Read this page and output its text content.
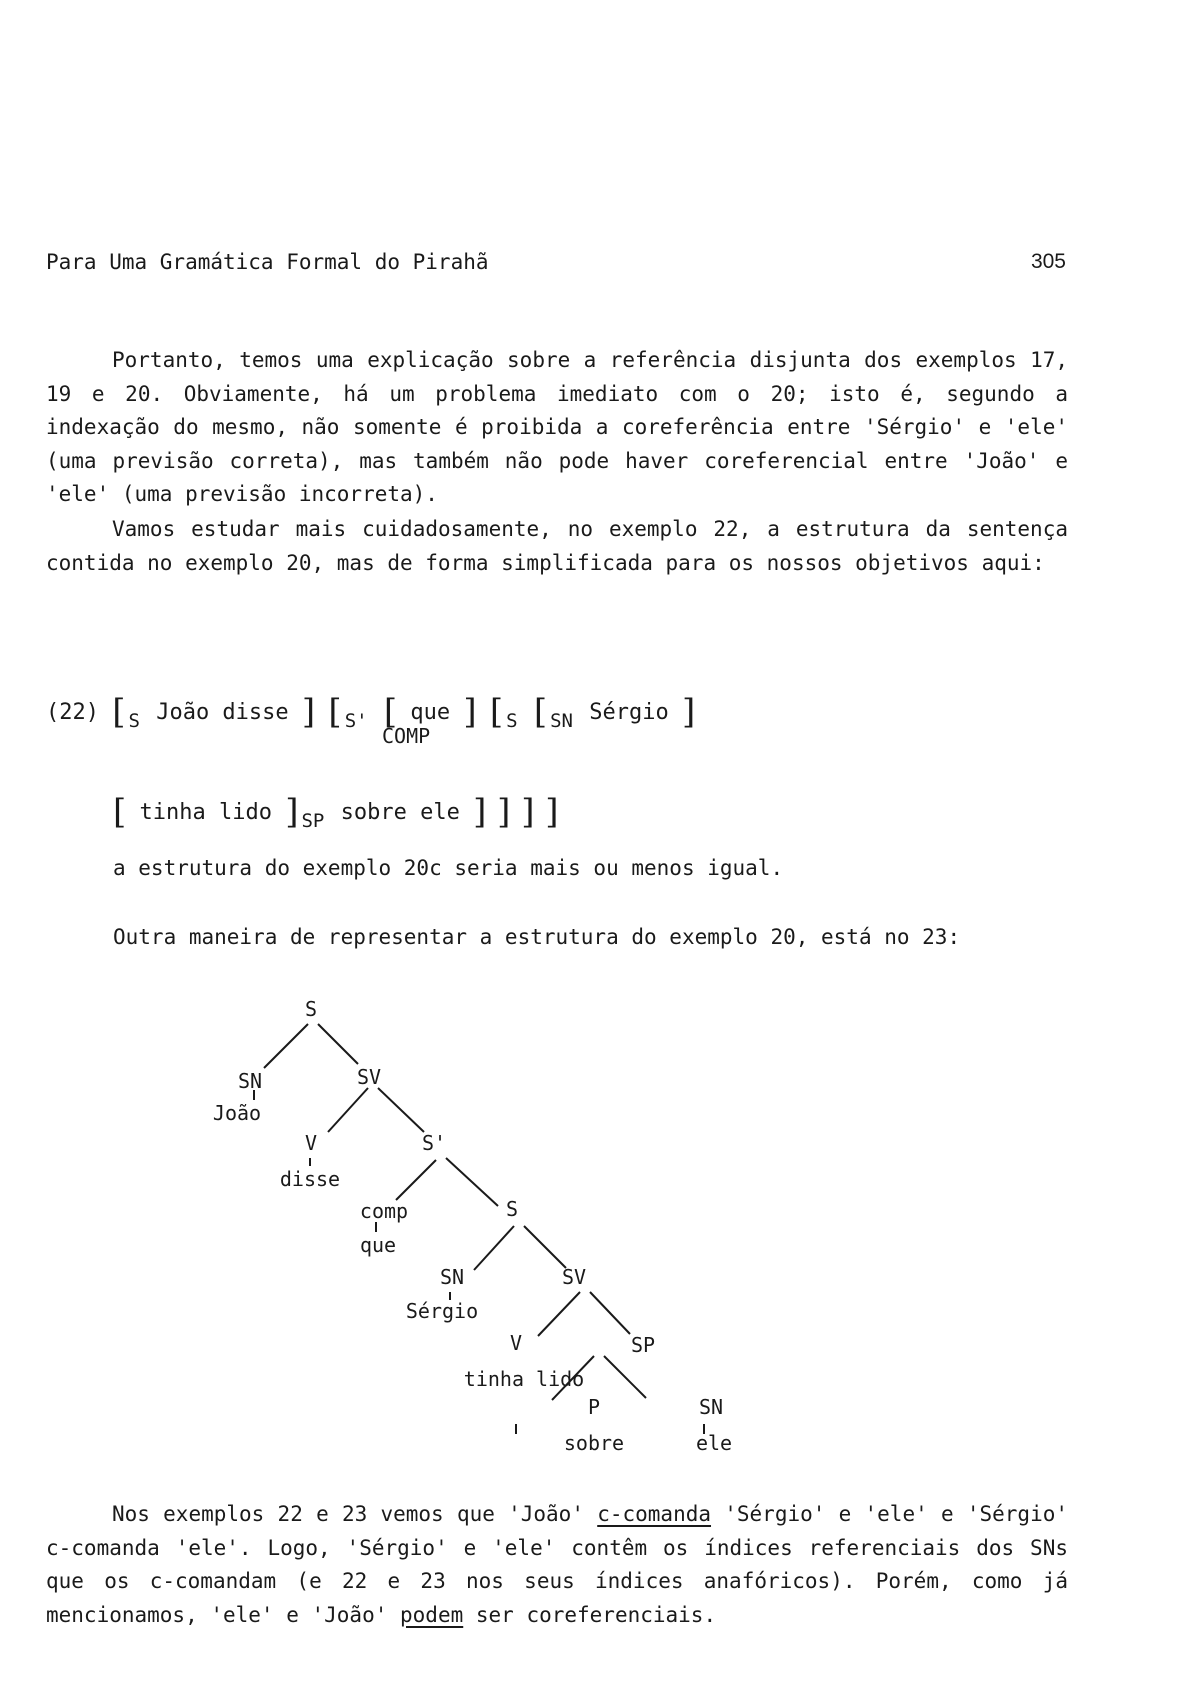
Para Uma Gramática Formal do Pirahã	305

Portanto, temos uma explicação sobre a referência disjunta dos exemplos 17, 19 e 20. Obviamente, há um problema imediato com o 20; isto é, segundo a indexação do mesmo, não somente é proibida a coreferência entre 'Sérgio' e 'ele' (uma previsão correta), mas também não pode haver coreferencial entre 'João' e 'ele' (uma previsão incorreta).

Vamos estudar mais cuidadosamente, no exemplo 22, a estrutura da sentença contida no exemplo 20, mas de forma simplificada para os nossos objetivos aqui:

(22) [ S João disse ] [ S' [ que ] [ S [ SN Sérgio ]
COMP
[ tinha lido ] SP sobre ele ] ] ] ]
a estrutura do exemplo 20c seria mais ou menos igual.
Outra maneira de representar a estrutura do exemplo 20, está no 23:
S
SN
João
SV
V
disse
S'
comp
que
S
SN
Sérgio
SV
V
tinha lido
SP
P
sobre
SN
ele

Nos exemplos 22 e 23 vemos que 'João' c-comanda 'Sérgio' e 'ele' e 'Sérgio' c-comanda 'ele'. Logo, 'Sérgio' e 'ele' contêm os índices referenciais dos SNs que os c-comandam (e 22 e 23 nos seus índices anafóricos). Porém, como já mencionamos, 'ele' e 'João' podem ser coreferenciais.
